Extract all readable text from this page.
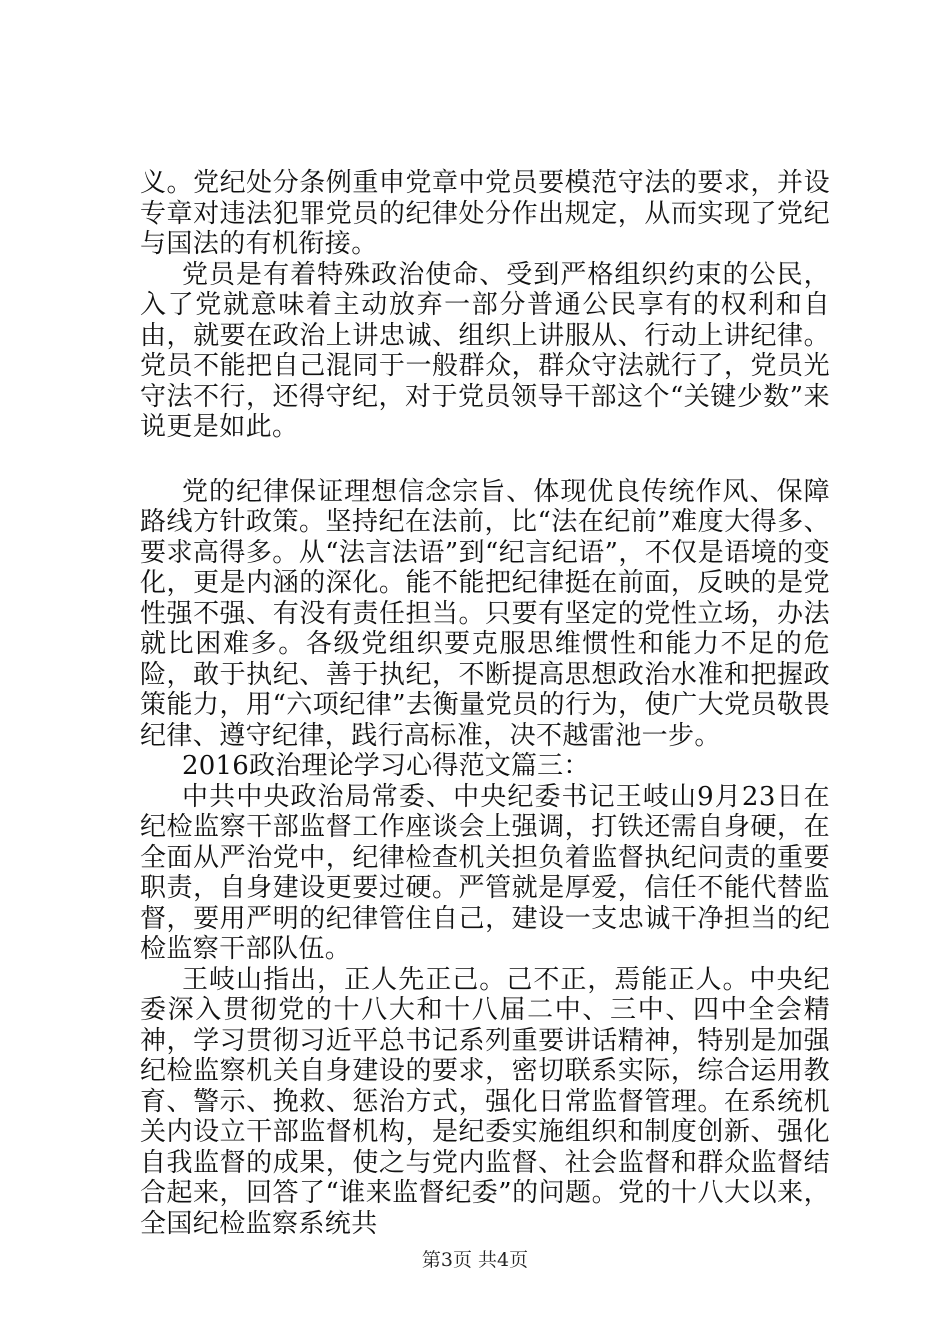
义。党纪处分条例重申党章中党员要模范守法的要求，并设专章对违法犯罪党员的纪律处分作出规定，从而实现了党纪与国法的有机衔接。

党员是有着特殊政治使命、受到严格组织约束的公民，入了党就意味着主动放弃一部分普通公民享有的权利和自由，就要在政治上讲忠诚、组织上讲服从、行动上讲纪律。党员不能把自己混同于一般群众，群众守法就行了，党员光守法不行，还得守纪，对于党员领导干部这个“关键少数”来说更是如此。

党的纪律保证理想信念宗旨、体现优良传统作风、保障路线方针政策。坚持纪在法前，比“法在纪前”难度大得多、要求高得多。从“法言法语”到“纪言纪语”，不仅是语境的变化，更是内涵的深化。能不能把纪律挺在前面，反映的是党性强不强、有没有责任担当。只要有坚定的党性立场，办法就比困难多。各级党组织要克服思维惯性和能力不足的危险，敢于执纪、善于执纪，不断提高思想政治水准和把握政策能力，用“六项纪律”去衡量党员的行为，使广大党员敬畏纪律、遵守纪律，践行高标准，决不越雷池一步。

2016政治理论学习心得范文篇三：

中共中央政治局常委、中央纪委书记王岐山9月23日在纪检监察干部监督工作座谈会上强调，打铁还需自身硬，在全面从严治党中，纪律检查机关担负着监督执纪问责的重要职责，自身建设更要过硬。严管就是厚爱，信任不能代替监督，要用严明的纪律管住自己，建设一支忠诚干净担当的纪检监察干部队伍。

王岐山指出，正人先正己。己不正，焉能正人。中央纪委深入贯彻党的十八大和十八届二中、三中、四中全会精神，学习贯彻习近平总书记系列重要讲话精神，特别是加强纪检监察机关自身建设的要求，密切联系实际，综合运用教育、警示、挽救、惩治方式，强化日常监督管理。在系统机关内设立干部监督机构，是纪委实施组织和制度创新、强化自我监督的成果，使之与党内监督、社会监督和群众监督结合起来，回答了“谁来监督纪委”的问题。党的十八大以来，全国纪检监察系统共

第3页 共4页
